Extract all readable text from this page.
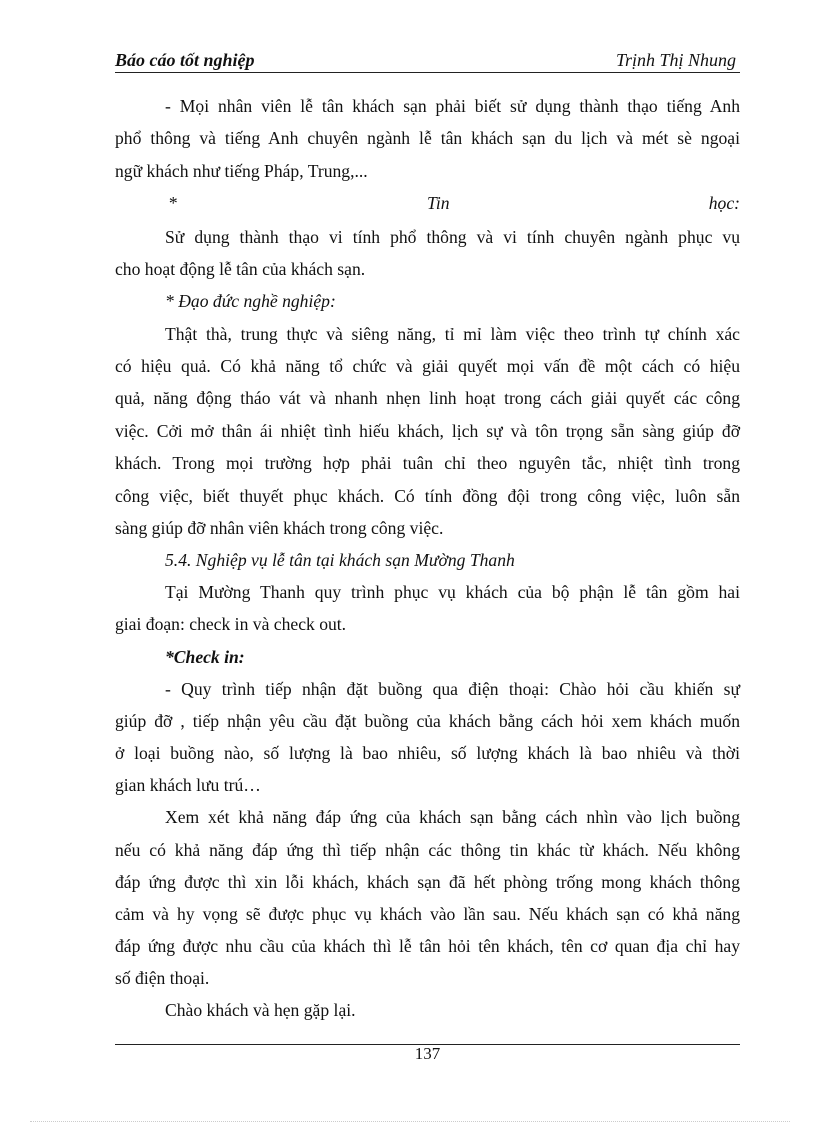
Báo cáo tốt nghiệp	Trịnh Thị Nhung
- Mọi nhân viên lễ tân khách sạn phải biết sử dụng thành thạo tiếng Anh
phổ thông và tiếng Anh chuyên ngành lễ tân khách sạn du lịch và mét sè ngoại
ngữ khách như tiếng Pháp, Trung,...
*	Tin	học:
Sử dụng thành thạo vi tính phổ thông và vi tính chuyên ngành phục vụ
cho hoạt động lễ tân của khách sạn.
* Đạo đức nghề nghiệp:
Thật thà, trung thực và siêng năng, tỉ mỉ làm việc theo trình tự chính xác
có hiệu quả. Có khả năng tổ chức và giải quyết mọi vấn đề một cách có hiệu
quả, năng động tháo vát và nhanh nhẹn linh hoạt trong cách giải quyết các công
việc. Cởi mở thân ái nhiệt tình hiếu khách, lịch sự và tôn trọng sẵn sàng giúp đỡ
khách. Trong mọi trường hợp phải tuân chỉ theo nguyên tắc, nhiệt tình trong
công việc, biết thuyết phục khách. Có tính đồng đội trong công việc, luôn sẵn
sàng giúp đỡ nhân viên khách trong công việc.
5.4. Nghiệp vụ lễ tân tại khách sạn Mường Thanh
Tại Mường Thanh quy trình phục vụ khách của bộ phận lễ tân gồm hai
giai đoạn: check in và check out.
*Check in:
- Quy trình tiếp nhận đặt buồng qua điện thoại: Chào hỏi cầu khiến sự
giúp đỡ , tiếp nhận yêu cầu đặt buồng của khách bằng cách hỏi xem khách muốn
ở loại buồng nào, số lượng là bao nhiêu, số lượng khách là bao nhiêu và thời
gian khách lưu trú…
Xem xét khả năng đáp ứng của khách sạn bằng cách nhìn vào lịch buồng
nếu có khả năng đáp ứng thì tiếp nhận các thông tin khác từ khách. Nếu không
đáp ứng được thì xin lỗi khách, khách sạn đã hết phòng trống mong khách thông
cảm và hy vọng sẽ được phục vụ khách vào lần sau. Nếu khách sạn có khả năng
đáp ứng được nhu cầu của khách thì lễ tân hỏi tên khách, tên cơ quan địa chỉ hay
số điện thoại.
Chào khách và hẹn gặp lại.
137
